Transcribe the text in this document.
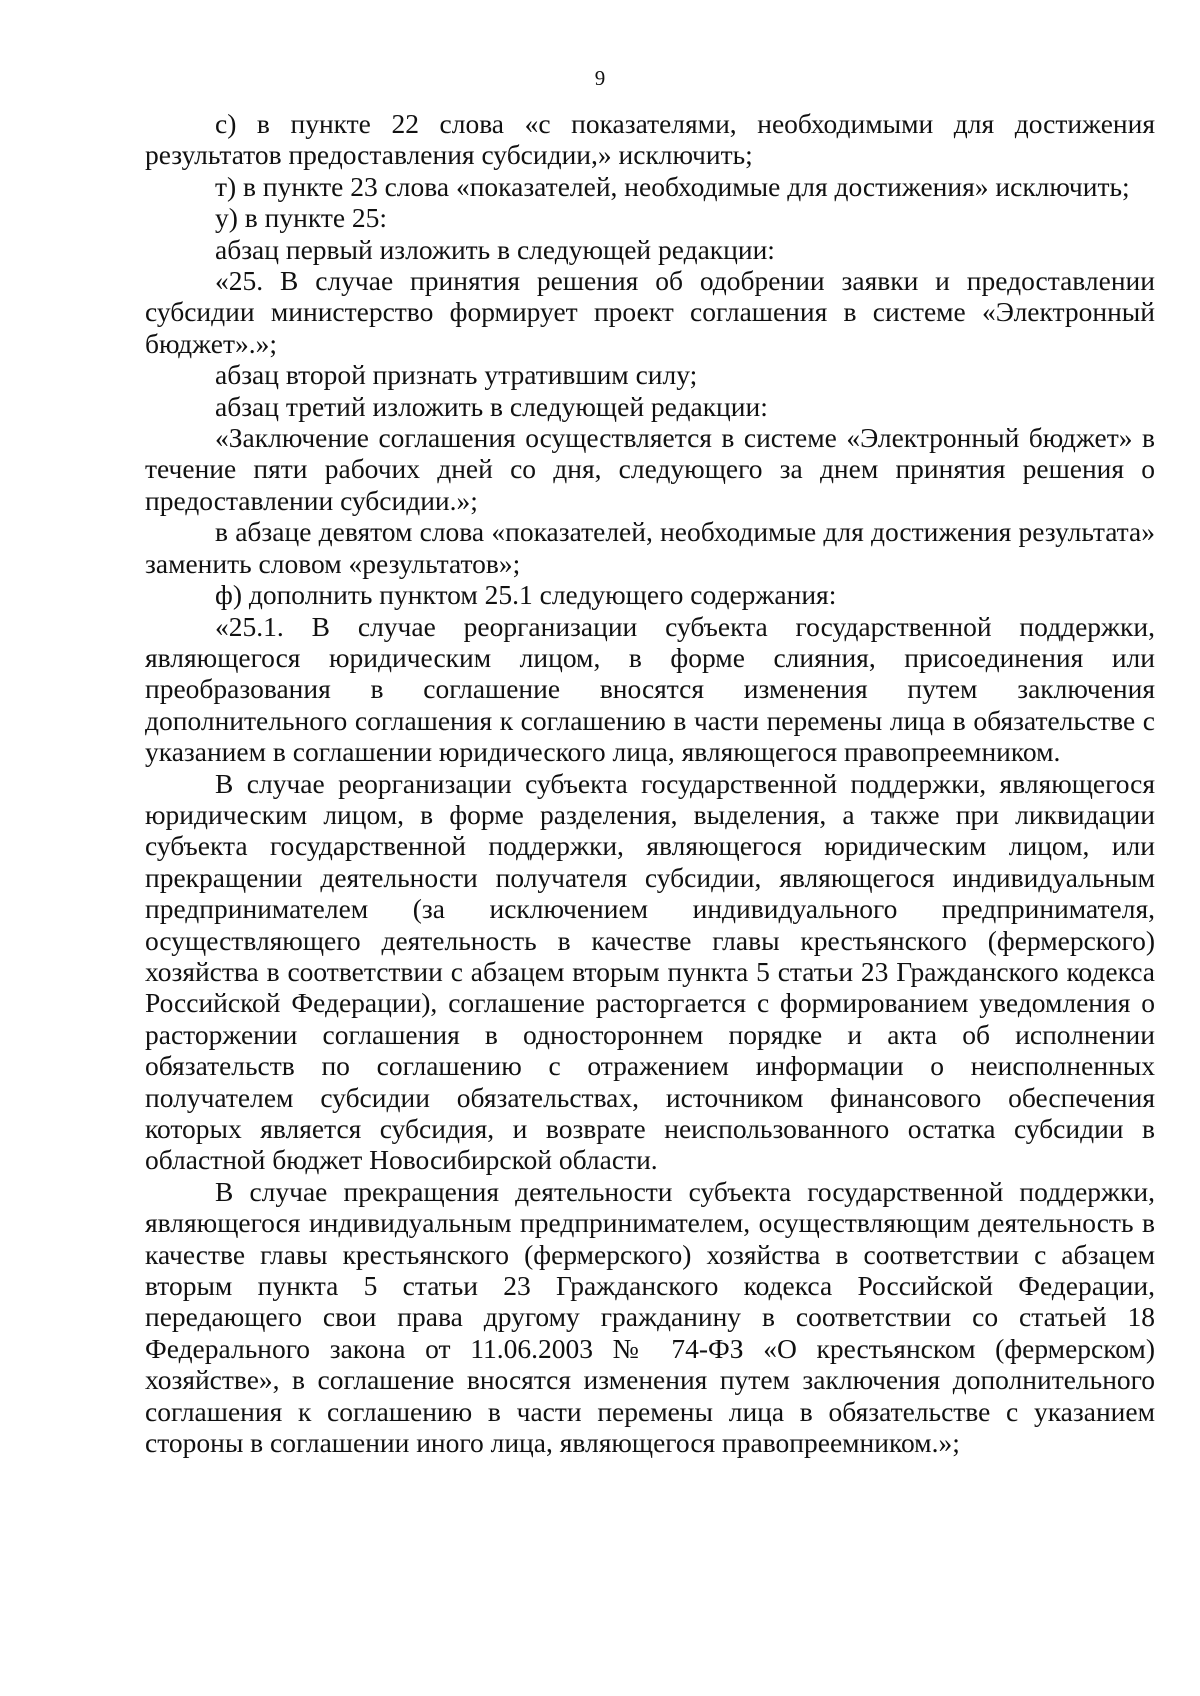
9

с) в пункте 22 слова «с показателями, необходимыми для достижения результатов предоставления субсидии,» исключить;

т) в пункте 23 слова «показателей, необходимые для достижения» исключить;

у) в пункте 25:

абзац первый изложить в следующей редакции:

«25. В случае принятия решения об одобрении заявки и предоставлении субсидии министерство формирует проект соглашения в системе «Электронный бюджет».»;

абзац второй признать утратившим силу;

абзац третий изложить в следующей редакции:

«Заключение соглашения осуществляется в системе «Электронный бюджет» в течение пяти рабочих дней со дня, следующего за днем принятия решения о предоставлении субсидии.»;

в абзаце девятом слова «показателей, необходимые для достижения результата» заменить словом «результатов»;

ф) дополнить пунктом 25.1 следующего содержания:

«25.1. В случае реорганизации субъекта государственной поддержки, являющегося юридическим лицом, в форме слияния, присоединения или преобразования в соглашение вносятся изменения путем заключения дополнительного соглашения к соглашению в части перемены лица в обязательстве с указанием в соглашении юридического лица, являющегося правопреемником.

В случае реорганизации субъекта государственной поддержки, являющегося юридическим лицом, в форме разделения, выделения, а также при ликвидации субъекта государственной поддержки, являющегося юридическим лицом, или прекращении деятельности получателя субсидии, являющегося индивидуальным предпринимателем (за исключением индивидуального предпринимателя, осуществляющего деятельность в качестве главы крестьянского (фермерского) хозяйства в соответствии с абзацем вторым пункта 5 статьи 23 Гражданского кодекса Российской Федерации), соглашение расторгается с формированием уведомления о расторжении соглашения в одностороннем порядке и акта об исполнении обязательств по соглашению с отражением информации о неисполненных получателем субсидии обязательствах, источником финансового обеспечения которых является субсидия, и возврате неиспользованного остатка субсидии в областной бюджет Новосибирской области.

В случае прекращения деятельности субъекта государственной поддержки, являющегося индивидуальным предпринимателем, осуществляющим деятельность в качестве главы крестьянского (фермерского) хозяйства в соответствии с абзацем вторым пункта 5 статьи 23 Гражданского кодекса Российской Федерации, передающего свои права другому гражданину в соответствии со статьей 18 Федерального закона от 11.06.2003 № 74-ФЗ «О крестьянском (фермерском) хозяйстве», в соглашение вносятся изменения путем заключения дополнительного соглашения к соглашению в части перемены лица в обязательстве с указанием стороны в соглашении иного лица, являющегося правопреемником.»;
